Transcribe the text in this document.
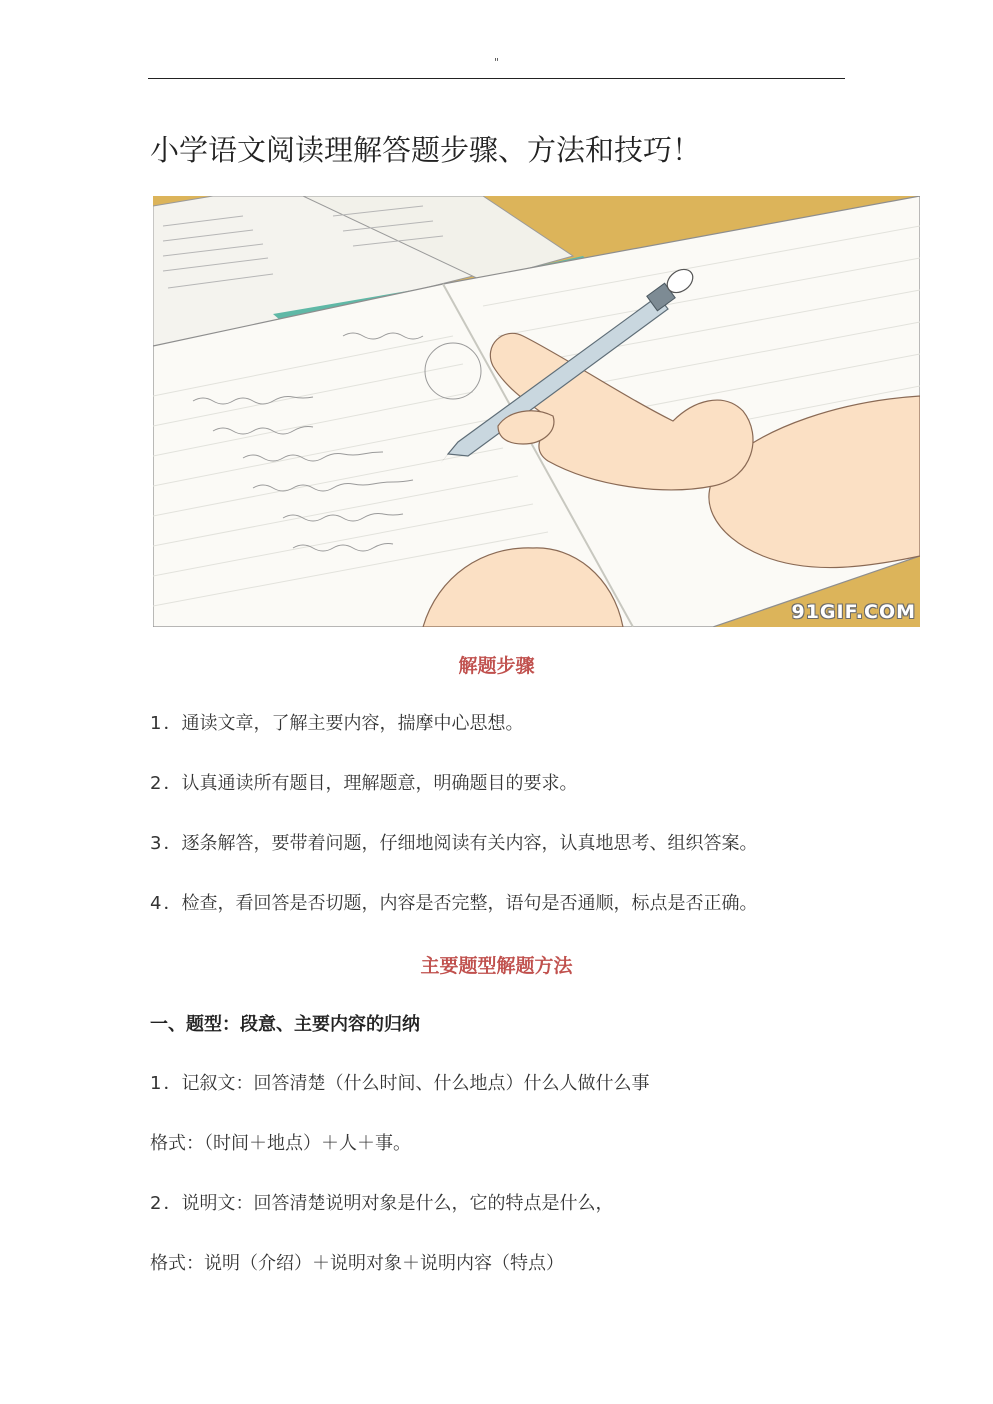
"
小学语文阅读理解答题步骤、方法和技巧！
91GIF.COM
解题步骤
1 ．通读文章，了解主要内容，揣摩中心思想。
2 ．认真通读所有题目，理解题意，明确题目的要求。
3 ．逐条解答，要带着问题，仔细地阅读有关内容，认真地思考、组织答案。
4 ．检查，看回答是否切题，内容是否完整，语句是否通顺，标点是否正确。
主要题型解题方法
一、题型：段意、主要内容的归纳
1 ．记叙文：回答清楚（什么时间、什么地点）什么人做什么事
格式：（时间＋地点）＋人＋事。
2 ．说明文：回答清楚说明对象是什么，它的特点是什么，
格式：说明（介绍）＋说明对象＋说明内容（特点）
